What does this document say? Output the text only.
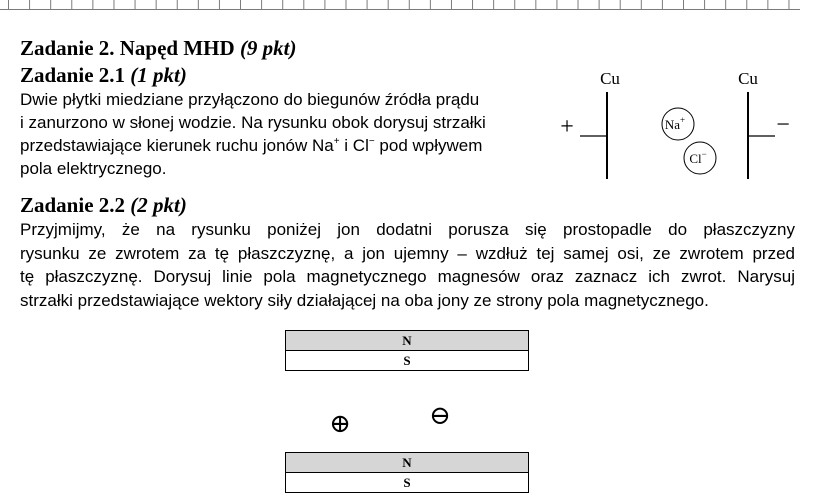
Zadanie 2. Napęd MHD (9 pkt)
Zadanie 2.1 (1 pkt)
Dwie płytki miedziane przyłączono do biegunów źródła prądu
i zanurzono w słonej wodzie. Na rysunku obok dorysuj strzałki
przedstawiające kierunek ruchu jonów Na+ i Cl− pod wpływem
pola elektrycznego.
Cu	Cu
+	−
Na+
Cl−
Zadanie 2.2 (2 pkt)
Przyjmijmy, że na rysunku poniżej jon dodatni porusza się prostopadle do płaszczyzny
rysunku ze zwrotem za tę płaszczyznę, a jon ujemny – wzdłuż tej samej osi, ze zwrotem przed
tę płaszczyznę. Dorysuj linie pola magnetycznego magnesów oraz zaznacz ich zwrot. Narysuj
strzałki przedstawiające wektory siły działającej na oba jony ze strony pola magnetycznego.
N
S
⊕	⊖
N
S
